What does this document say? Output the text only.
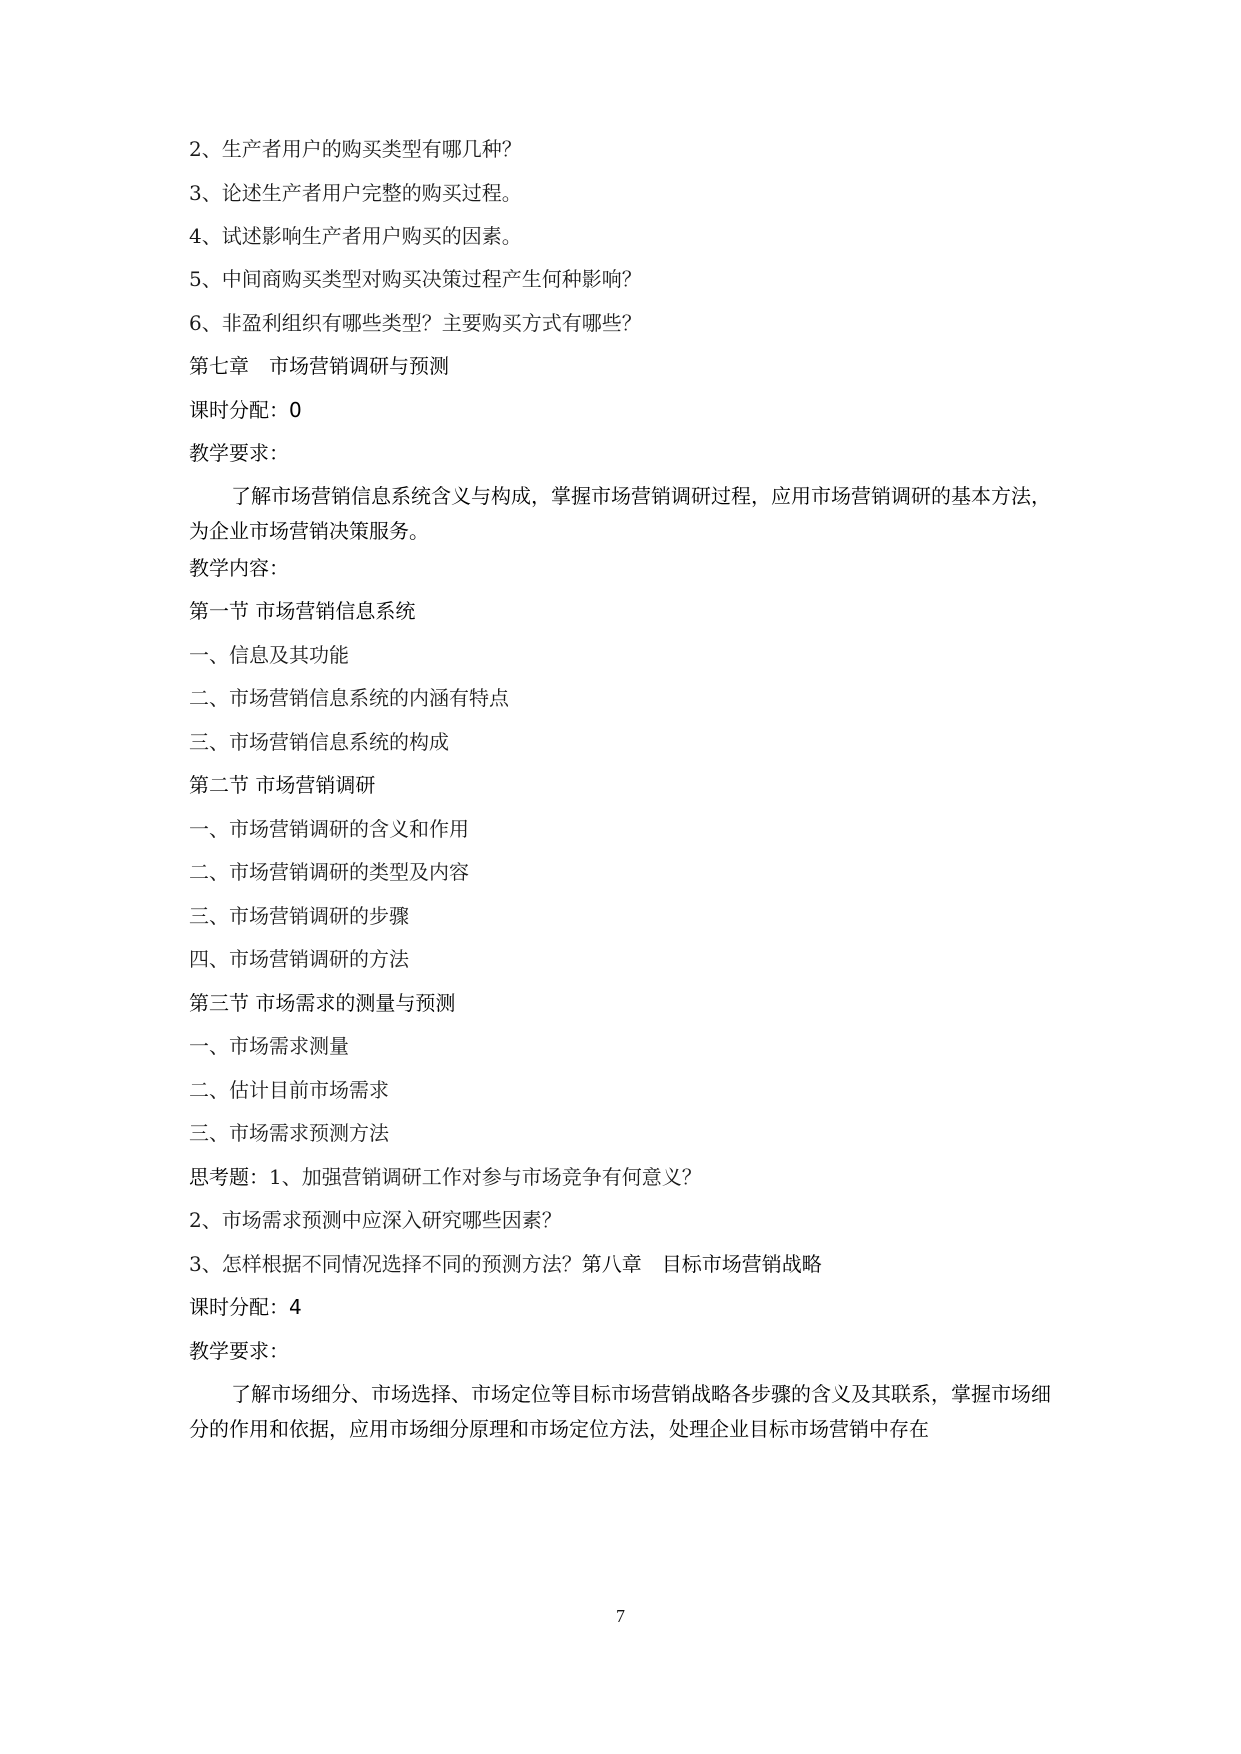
2、生产者用户的购买类型有哪几种？
3、论述生产者用户完整的购买过程。
4、试述影响生产者用户购买的因素。
5、中间商购买类型对购买决策过程产生何种影响？
6、非盈利组织有哪些类型？主要购买方式有哪些？
第七章　市场营销调研与预测
课时分配：0
教学要求：

了解市场营销信息系统含义与构成，掌握市场营销调研过程，应用市场营销调研的基本方法，为企业市场营销决策服务。

教学内容：
第一节 市场营销信息系统
一、信息及其功能
二、市场营销信息系统的内涵有特点
三、市场营销信息系统的构成
第二节 市场营销调研
一、市场营销调研的含义和作用
二、市场营销调研的类型及内容
三、市场营销调研的步骤
四、市场营销调研的方法
第三节 市场需求的测量与预测
一、市场需求测量
二、估计目前市场需求
三、市场需求预测方法
思考题：1、加强营销调研工作对参与市场竞争有何意义？
2、市场需求预测中应深入研究哪些因素？
3、怎样根据不同情况选择不同的预测方法？第八章　目标市场营销战略
课时分配：4
教学要求：

了解市场细分、市场选择、市场定位等目标市场营销战略各步骤的含义及其联系，掌握市场细分的作用和依据，应用市场细分原理和市场定位方法，处理企业目标市场营销中存在

7
